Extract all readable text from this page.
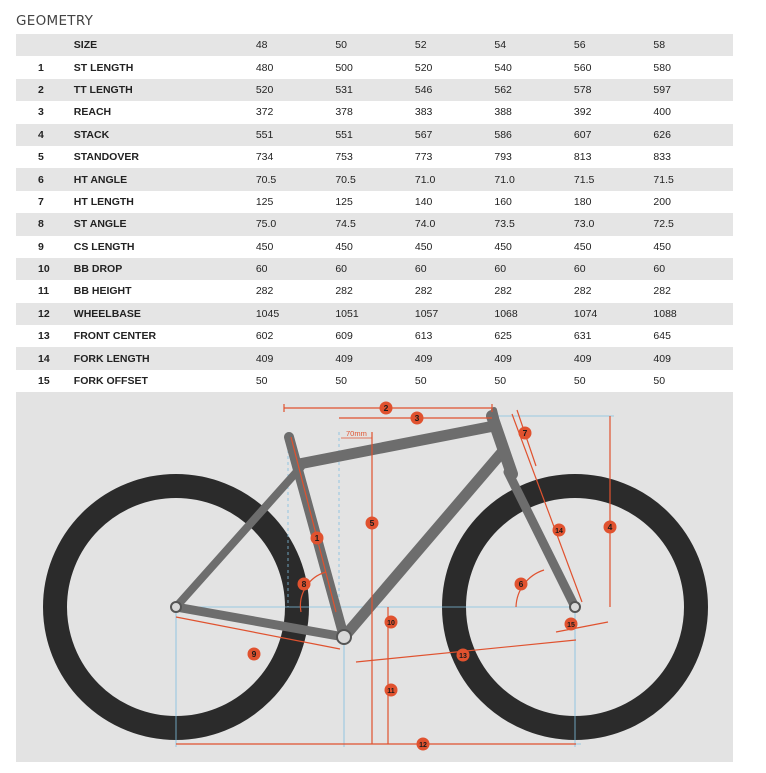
GEOMETRY
	SIZE	48	50	52	54	56	58
1	ST LENGTH	480	500	520	540	560	580
2	TT LENGTH	520	531	546	562	578	597
3	REACH	372	378	383	388	392	400
4	STACK	551	551	567	586	607	626
5	STANDOVER	734	753	773	793	813	833
6	HT ANGLE	70.5	70.5	71.0	71.0	71.5	71.5
7	HT LENGTH	125	125	140	160	180	200
8	ST ANGLE	75.0	74.5	74.0	73.5	73.0	72.5
9	CS LENGTH	450	450	450	450	450	450
10	BB DROP	60	60	60	60	60	60
11	BB HEIGHT	282	282	282	282	282	282
12	WHEELBASE	1045	1051	1057	1068	1074	1088
13	FRONT CENTER	602	609	613	625	631	645
14	FORK LENGTH	409	409	409	409	409	409
15	FORK OFFSET	50	50	50	50	50	50
70mm
1
2
3
4
5
6
7
8
9
10
11
12
13
14
15
